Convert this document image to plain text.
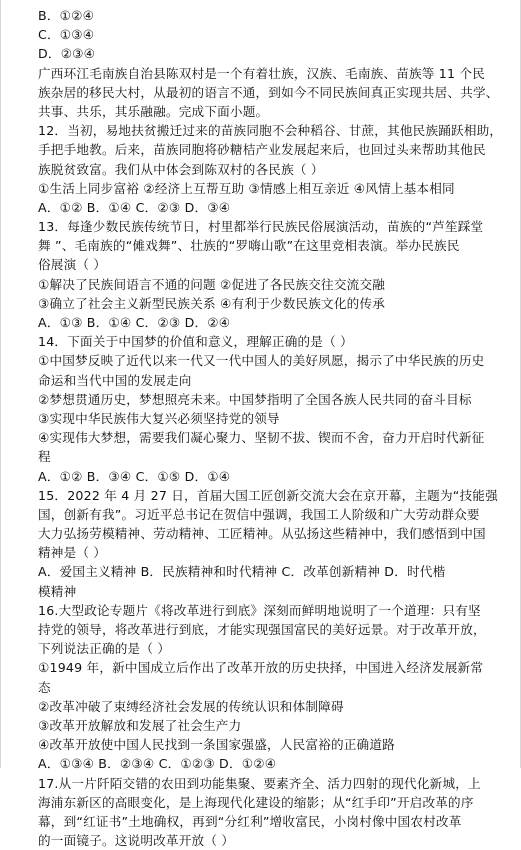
B．①②④
C．①③④
D．②③④
广西环江毛南族自治县陈双村是一个有着壮族，汉族、毛南族、苗族等 11 个民
族杂居的移民大村，从最初的语言不通，到如今不同民族间真正实现共居、共学、
共事、共乐，其乐融融。完成下面小题。
12．当初，易地扶贫搬迁过来的苗族同胞不会种稻谷、甘蔗，其他民族踊跃相助，
手把手地教。后来，苗族同胞将砂糖桔产业发展起来后，也回过头来帮助其他民
族脱贫致富。我们从中体会到陈双村的各民族（ ）
①生活上同步富裕 ②经济上互帮互助 ③情感上相互亲近 ④风情上基本相同
A．①② B．①④ C．②③ D．③④
13．每逢少数民族传统节日，村里都举行民族民俗展演活动，苗族的“芦笙踩堂
舞 ”、毛南族的“傩戏舞”、壮族的“罗嗨山歌”在这里竞相表演。举办民族民
俗展演（ ）
①解决了民族间语言不通的问题 ②促进了各民族交往交流交融
③确立了社会主义新型民族关系 ④有利于少数民族文化的传承
A．①③ B．①④ C．②③ D．②④
14．下面关于中国梦的价值和意义，理解正确的是（ ）
①中国梦反映了近代以来一代又一代中国人的美好夙愿，揭示了中华民族的历史
命运和当代中国的发展走向
②梦想贯通历史，梦想照亮未来。中国梦指明了全国各族人民共同的奋斗目标
③实现中华民族伟大复兴必须坚持党的领导
④实现伟大梦想，需要我们凝心聚力、坚韧不拔、锲而不舍，奋力开启时代新征
程
A．①② B．③④ C．①⑤ D．①④
15．2022 年 4 月 27 日，首届大国工匠创新交流大会在京开幕，主题为“技能强
国，创新有我”。习近平总书记在贺信中强调，我国工人阶级和广大劳动群众要
大力弘扬劳模精神、劳动精神、工匠精神。从弘扬这些精神中，我们感悟到中国
精神是（ ）
A．爱国主义精神 B．民族精神和时代精神 C．改革创新精神 D．时代楷
模精神
16.大型政论专题片《将改革进行到底》深刻而鲜明地说明了一个道理：只有坚
持党的领导，将改革进行到底，才能实现强国富民的美好远景。对于改革开放，
下列说法正确的是（ ）
①1949 年，新中国成立后作出了改革开放的历史抉择，中国进入经济发展新常
态
②改革冲破了束缚经济社会发展的传统认识和体制障碍
③改革开放解放和发展了社会生产力
④改革开放使中国人民找到一条国家强盛，人民富裕的正确道路
A．①③④ B．②③④ C．①②③ D．①②④
17.从一片阡陌交错的农田到功能集聚、要素齐全、活力四射的现代化新城，上
海浦东新区的高眼变化，是上海现代化建设的缩影；从“红手印”开启改革的序
幕，到“红证书”土地确权，再到“分红利”增收富民，小岗村像中国农村改革
的一面镜子。这说明改革开放（ ）
